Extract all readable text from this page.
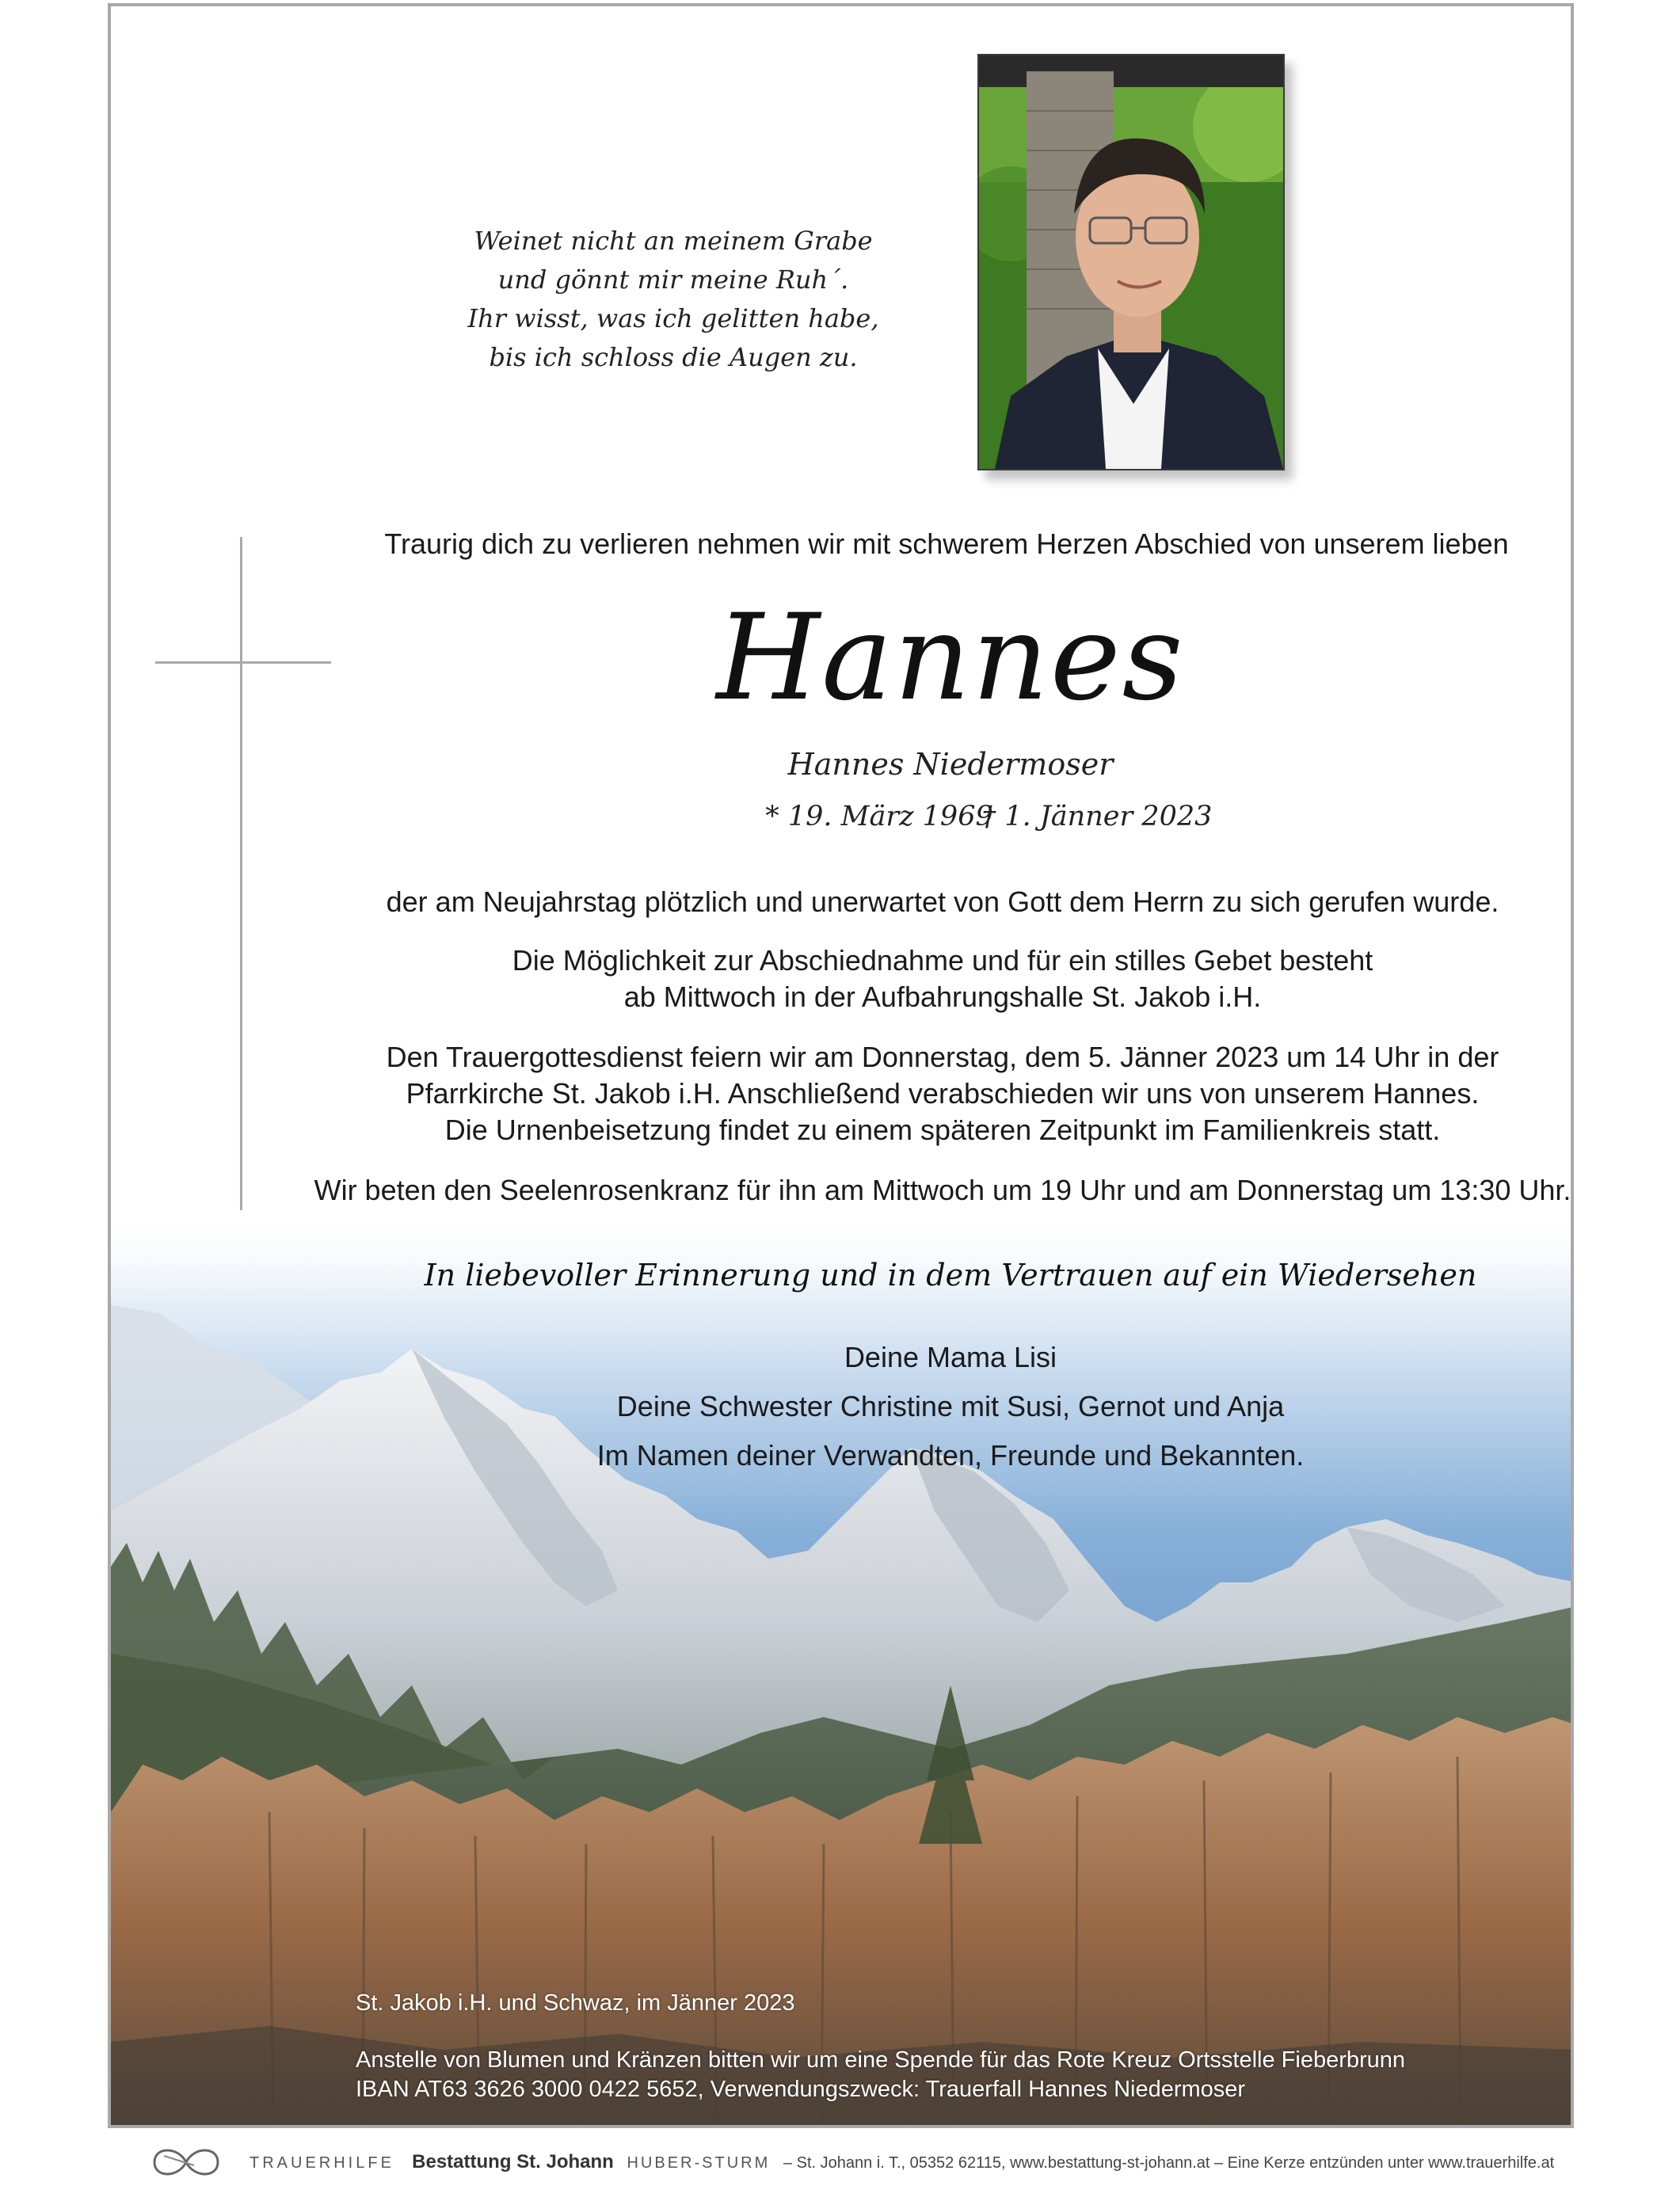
Weinet nicht an meinem Grabe
und gönnt mir meine Ruh´.
Ihr wisst, was ich gelitten habe,
bis ich schloss die Augen zu.
Traurig dich zu verlieren nehmen wir mit schwerem Herzen Abschied von unserem lieben
Hannes
Hannes Niedermoser
* 19. März 1969
† 1. Jänner 2023
der am Neujahrstag plötzlich und unerwartet von Gott dem Herrn zu sich gerufen wurde.
Die Möglichkeit zur Abschiednahme und für ein stilles Gebet besteht
ab Mittwoch in der Aufbahrungshalle St. Jakob i.H.
Den Trauergottesdienst feiern wir am Donnerstag, dem 5. Jänner 2023 um 14 Uhr in der
Pfarrkirche St. Jakob i.H. Anschließend verabschieden wir uns von unserem Hannes.
Die Urnenbeisetzung findet zu einem späteren Zeitpunkt im Familienkreis statt.
Wir beten den Seelenrosenkranz für ihn am Mittwoch um 19 Uhr und am Donnerstag um 13:30 Uhr.
In liebevoller Erinnerung und in dem Vertrauen auf ein Wiedersehen
Deine Mama Lisi
Deine Schwester Christine mit Susi, Gernot und Anja
Im Namen deiner Verwandten, Freunde und Bekannten.
St. Jakob i.H. und Schwaz, im Jänner 2023
Anstelle von Blumen und Kränzen bitten wir um eine Spende für das Rote Kreuz Ortsstelle Fieberbrunn
IBAN AT63 3626 3000 0422 5652, Verwendungszweck: Trauerfall Hannes Niedermoser
TRAUERHILFE Bestattung St. Johann HUBER-STURM – St. Johann i. T., 05352 62115, www.bestattung-st-johann.at – Eine Kerze entzünden unter www.trauerhilfe.at
